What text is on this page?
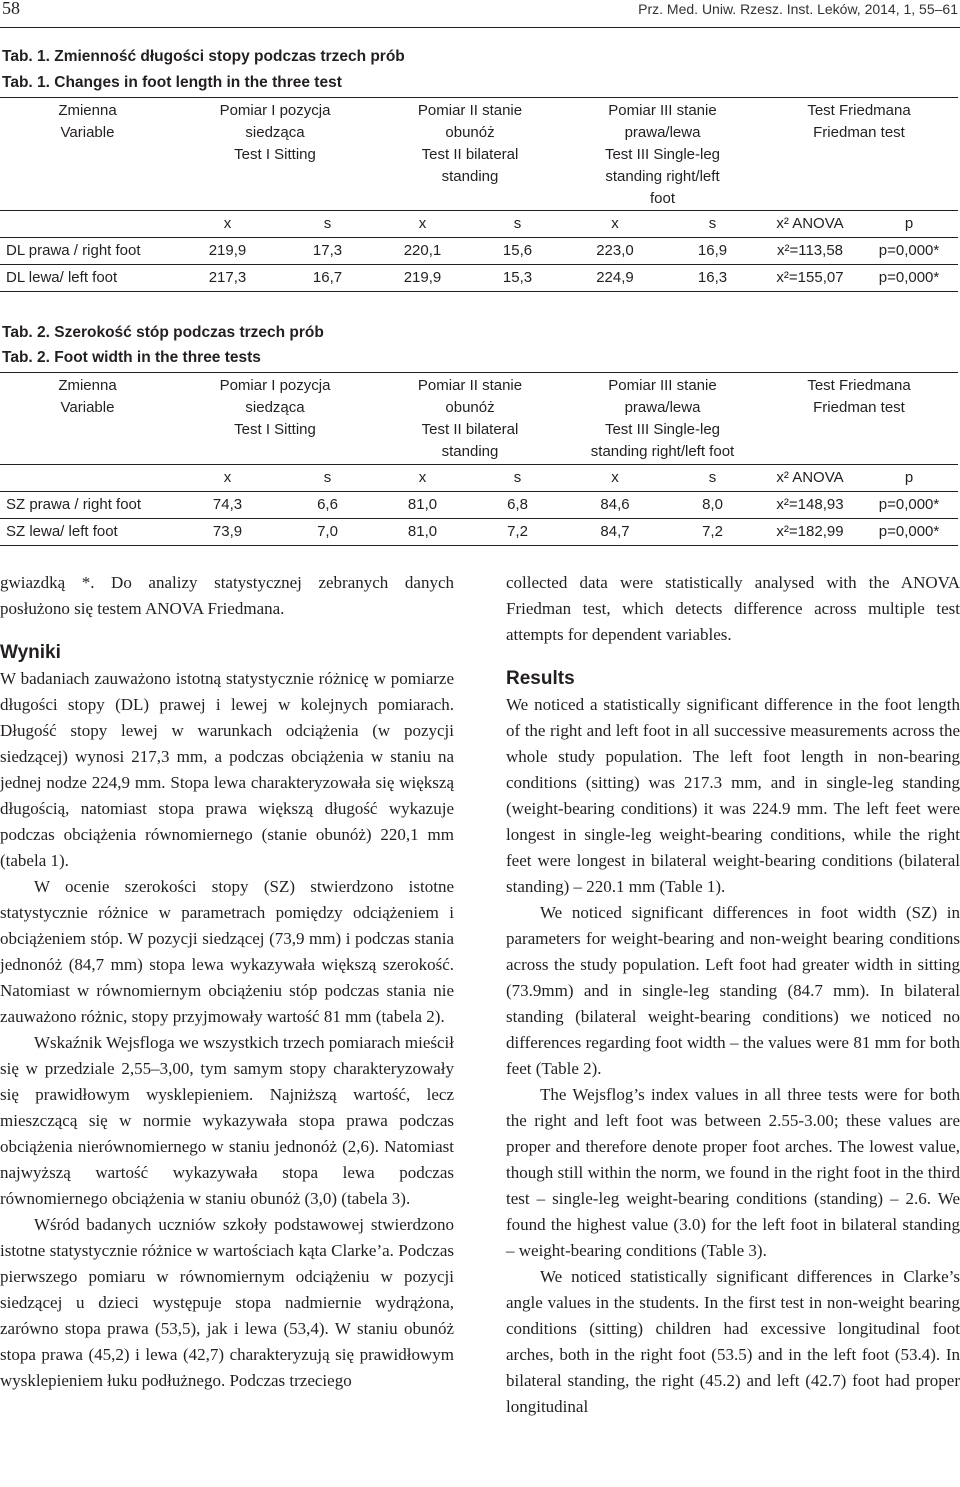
58	Prz. Med. Uniw. Rzesz. Inst. Leków, 2014, 1, 55–61
Tab. 1. Zmienność długości stopy podczas trzech prób
Tab. 1. Changes in foot length in the three test
Zmienna
Variable	Pomiar I pozycja
siedząca
Test I Sitting		Pomiar II stanie
obunóż
Test II bilateral
standing		Pomiar III stanie
prawa/lewa
Test III Single-leg
standing right/left
foot		Test Friedmana
Friedman test	

	x	s	x	s	x	s	x² ANOVA	p
DL prawa / right foot	219,9	17,3	220,1	15,6	223,0	16,9	x²=113,58	p=0,000*
DL lewa/ left foot	217,3	16,7	219,9	15,3	224,9	16,3	x²=155,07	p=0,000*
Tab. 2. Szerokość stóp podczas trzech prób
Tab. 2. Foot width in the three tests
Zmienna
Variable	Pomiar I pozycja
siedząca
Test I Sitting		Pomiar II stanie
obunóż
Test II bilateral
standing		Pomiar III stanie
prawa/lewa
Test III Single-leg
standing right/left foot		Test Friedmana
Friedman test	

	x	s	x	s	x	s	x² ANOVA	p
SZ prawa / right foot	74,3	6,6	81,0	6,8	84,6	8,0	x²=148,93	p=0,000*
SZ lewa/ left foot	73,9	7,0	81,0	7,2	84,7	7,2	x²=182,99	p=0,000*

gwiazdką *. Do analizy statystycznej zebranych danych posłużono się testem ANOVA Friedmana.

Wyniki

W badaniach zauważono istotną statystycznie różnicę w pomiarze długości stopy (DL) prawej i lewej w kolejnych pomiarach. Długość stopy lewej w warunkach odciążenia (w pozycji siedzącej) wynosi 217,3 mm, a podczas obciążenia w staniu na jednej nodze 224,9 mm. Stopa lewa charakteryzowała się większą długością, natomiast stopa prawa większą długość wykazuje podczas obciążenia równomiernego (stanie obunóż) 220,1 mm (tabela 1).

W ocenie szerokości stopy (SZ) stwierdzono istotne statystycznie różnice w parametrach pomiędzy odciążeniem i obciążeniem stóp. W pozycji siedzącej (73,9 mm) i podczas stania jednonóż (84,7 mm) stopa lewa wykazywała większą szerokość. Natomiast w równomiernym obciążeniu stóp podczas stania nie zauważono różnic, stopy przyjmowały wartość 81 mm (tabela 2).

Wskaźnik Wejsfloga we wszystkich trzech pomiarach mieścił się w przedziale 2,55–3,00, tym samym stopy charakteryzowały się prawidłowym wysklepieniem. Najniższą wartość, lecz mieszczącą się w normie wykazywała stopa prawa podczas obciążenia nierównomiernego w staniu jednonóż (2,6). Natomiast najwyższą wartość wykazywała stopa lewa podczas równomiernego obciążenia w staniu obunóż (3,0) (tabela 3).

Wśród badanych uczniów szkoły podstawowej stwierdzono istotne statystycznie różnice w wartościach kąta Clarke’a. Podczas pierwszego pomiaru w równomiernym odciążeniu w pozycji siedzącej u dzieci występuje stopa nadmiernie wydrążona, zarówno stopa prawa (53,5), jak i lewa (53,4). W staniu obunóż stopa prawa (45,2) i lewa (42,7) charakteryzują się prawidłowym wysklepieniem łuku podłużnego. Podczas trzeciego

collected data were statistically analysed with the ANOVA Friedman test, which detects difference across multiple test attempts for dependent variables.

Results

We noticed a statistically significant difference in the foot length of the right and left foot in all successive measurements across the whole study population. The left foot length in non-bearing conditions (sitting) was 217.3 mm, and in single-leg standing (weight-bearing conditions) it was 224.9 mm. The left feet were longest in single-leg weight-bearing conditions, while the right feet were longest in bilateral weight-bearing conditions (bilateral standing) – 220.1 mm (Table 1).

We noticed significant differences in foot width (SZ) in parameters for weight-bearing and non-weight bearing conditions across the study population. Left foot had greater width in sitting (73.9mm) and in single-leg standing (84.7 mm). In bilateral standing (bilateral weight-bearing conditions) we noticed no differences regarding foot width – the values were 81 mm for both feet (Table 2).

The Wejsflog’s index values in all three tests were for both the right and left foot was between 2.55-3.00; these values are proper and therefore denote proper foot arches. The lowest value, though still within the norm, we found in the right foot in the third test – single-leg weight-bearing conditions (standing) – 2.6. We found the highest value (3.0) for the left foot in bilateral standing – weight-bearing conditions (Table 3).

We noticed statistically significant differences in Clarke’s angle values in the students. In the first test in non-weight bearing conditions (sitting) children had excessive longitudinal foot arches, both in the right foot (53.5) and in the left foot (53.4). In bilateral standing, the right (45.2) and left (42.7) foot had proper longitudinal
